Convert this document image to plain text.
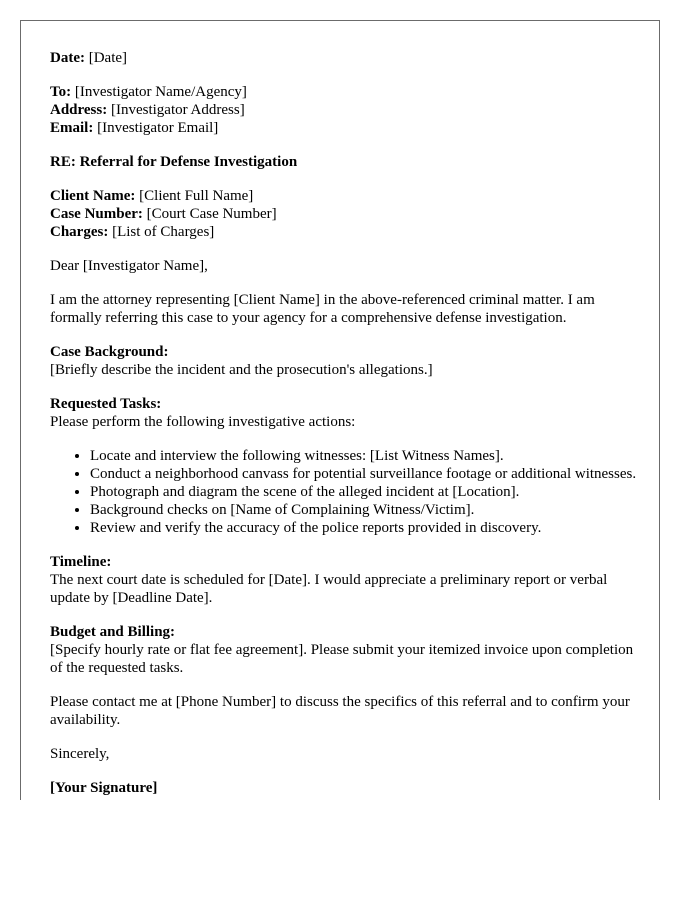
Date: [Date]

To: [Investigator Name/Agency]

Address: [Investigator Address]

Email: [Investigator Email]

RE: Referral for Defense Investigation

Client Name: [Client Full Name]

Case Number: [Court Case Number]

Charges: [List of Charges]

Dear [Investigator Name],

I am the attorney representing [Client Name] in the above-referenced criminal matter. I am formally referring this case to your agency for a comprehensive defense investigation.

Case Background:

[Briefly describe the incident and the prosecution's allegations.]

Requested Tasks:

Please perform the following investigative actions:

• Locate and interview the following witnesses: [List Witness Names].
• Conduct a neighborhood canvass for potential surveillance footage or additional witnesses.
• Photograph and diagram the scene of the alleged incident at [Location].
• Background checks on [Name of Complaining Witness/Victim].
• Review and verify the accuracy of the police reports provided in discovery.

Timeline:

The next court date is scheduled for [Date]. I would appreciate a preliminary report or verbal update by [Deadline Date].

Budget and Billing:

[Specify hourly rate or flat fee agreement]. Please submit your itemized invoice upon completion of the requested tasks.

Please contact me at [Phone Number] to discuss the specifics of this referral and to confirm your availability.

Sincerely,

[Your Signature]
